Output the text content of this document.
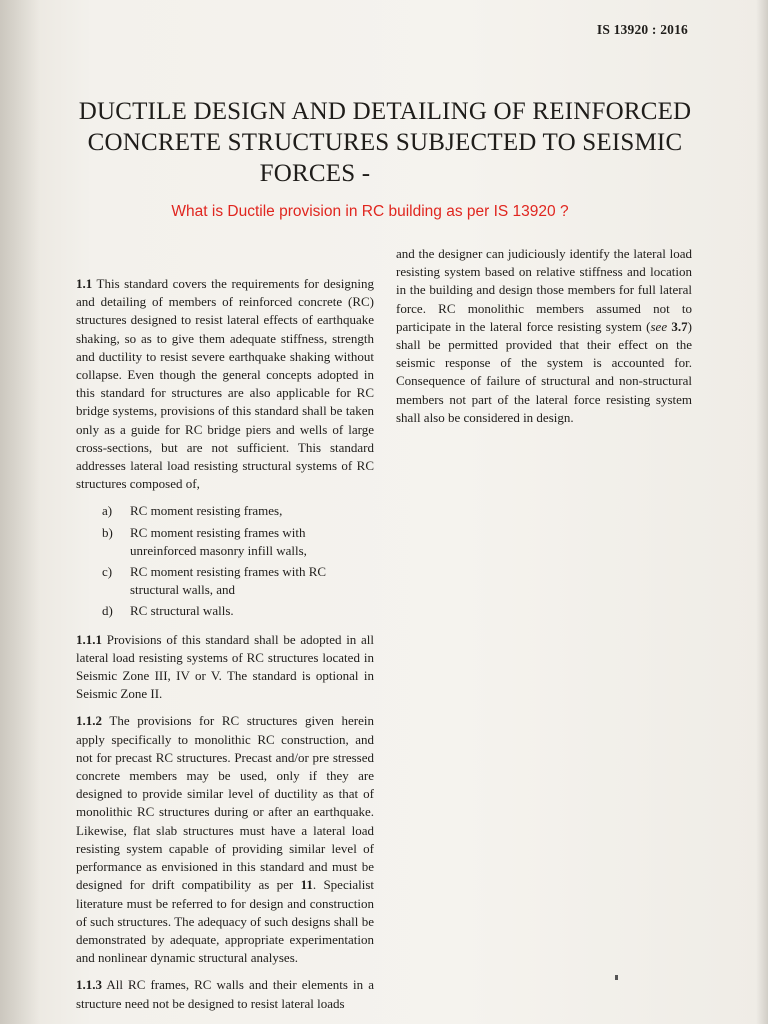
IS 13920 : 2016
DUCTILE DESIGN AND DETAILING OF REINFORCED
CONCRETE STRUCTURES SUBJECTED TO SEISMIC
FORCES -
What is Ductile provision in RC building as per IS 13920 ?

1.1 This standard covers the requirements for designing and detailing of members of reinforced concrete (RC) structures designed to resist lateral effects of earthquake shaking, so as to give them adequate stiffness, strength and ductility to resist severe earthquake shaking without collapse. Even though the general concepts adopted in this standard for structures are also applicable for RC bridge systems, provisions of this standard shall be taken only as a guide for RC bridge piers and wells of large cross-sections, but are not sufficient. This standard addresses lateral load resisting structural systems of RC structures composed of,

a)	RC moment resisting frames,
b)	RC moment resisting frames with unreinforced masonry infill walls,
c)	RC moment resisting frames with RC structural walls, and
d)	RC structural walls.

1.1.1 Provisions of this standard shall be adopted in all lateral load resisting systems of RC structures located in Seismic Zone III, IV or V. The standard is optional in Seismic Zone II.

1.1.2 The provisions for RC structures given herein apply specifically to monolithic RC construction, and not for precast RC structures. Precast and/or pre stressed concrete members may be used, only if they are designed to provide similar level of ductility as that of monolithic RC structures during or after an earthquake. Likewise, flat slab structures must have a lateral load resisting system capable of providing similar level of performance as envisioned in this standard and must be designed for drift compatibility as per 11. Specialist literature must be referred to for design and construction of such structures. The adequacy of such designs shall be demonstrated by adequate, appropriate experimentation and nonlinear dynamic structural analyses.

1.1.3 All RC frames, RC walls and their elements in a structure need not be designed to resist lateral loads

and the designer can judiciously identify the lateral load resisting system based on relative stiffness and location in the building and design those members for full lateral force. RC monolithic members assumed not to participate in the lateral force resisting system (see 3.7) shall be permitted provided that their effect on the seismic response of the system is accounted for. Consequence of failure of structural and non-structural members not part of the lateral force resisting system shall also be considered in design.
